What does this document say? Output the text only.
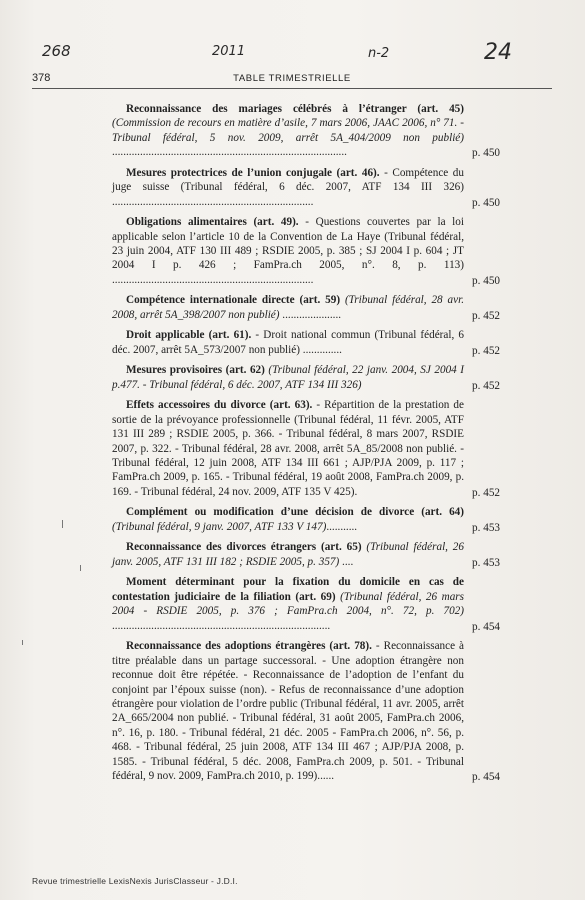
268	2011	n-2	24
378	TABLE TRIMESTRIELLE

Reconnaissance des mariages célébrés à l’étranger (art. 45) (Commission de recours en matière d’asile, 7 mars 2006, JAAC 2006, n° 71. - Tribunal fédéral, 5 nov. 2009, arrêt 5A_404/2009 non publié) ....................................................................................	p. 450

Mesures protectrices de l’union conjugale (art. 46). - Compétence du juge suisse (Tribunal fédéral, 6 déc. 2007, ATF 134 III 326) ........................................................................	p. 450

Obligations alimentaires (art. 49). - Questions couvertes par la loi applicable selon l’article 10 de la Convention de La Haye (Tribunal fédéral, 23 juin 2004, ATF 130 III 489 ; RSDIE 2005, p. 385 ; SJ 2004 I p. 604 ; JT 2004 I p. 426 ; FamPra.ch 2005, n°. 8, p. 113) ........................................................................	p. 450

Compétence internationale directe (art. 59) (Tribunal fédéral, 28 avr. 2008, arrêt 5A_398/2007 non publié) .....................	p. 452

Droit applicable (art. 61). - Droit national commun (Tribunal fédéral, 6 déc. 2007, arrêt 5A_573/2007 non publié) ..............	p. 452

Mesures provisoires (art. 62) (Tribunal fédéral, 22 janv. 2004, SJ 2004 I p.477. - Tribunal fédéral, 6 déc. 2007, ATF 134 III 326)	p. 452

Effets accessoires du divorce (art. 63). - Répartition de la prestation de sortie de la prévoyance professionnelle (Tribunal fédéral, 11 févr. 2005, ATF 131 III 289 ; RSDIE 2005, p. 366. - Tribunal fédéral, 8 mars 2007, RSDIE 2007, p. 322. - Tribunal fédéral, 28 avr. 2008, arrêt 5A_85/2008 non publié. - Tribunal fédéral, 12 juin 2008, ATF 134 III 661 ; AJP/PJA 2009, p. 117 ; FamPra.ch 2009, p. 165. - Tribunal fédéral, 19 août 2008, FamPra.ch 2009, p. 169. - Tribunal fédéral, 24 nov. 2009, ATF 135 V 425).	p. 452

Complément ou modification d’une décision de divorce (art. 64) (Tribunal fédéral, 9 janv. 2007, ATF 133 V 147)...........	p. 453

Reconnaissance des divorces étrangers (art. 65) (Tribunal fédéral, 26 janv. 2005, ATF 131 III 182 ; RSDIE 2005, p. 357) ....	p. 453

Moment déterminant pour la fixation du domicile en cas de contestation judiciaire de la filiation (art. 69) (Tribunal fédéral, 26 mars 2004 - RSDIE 2005, p. 376 ; FamPra.ch 2004, n°. 72, p. 702) ..............................................................................	p. 454

Reconnaissance des adoptions étrangères (art. 78). - Reconnaissance à titre préalable dans un partage successoral. - Une adoption étrangère non reconnue doit être répétée. - Reconnaissance de l’adoption de l’enfant du conjoint par l’époux suisse (non). - Refus de reconnaissance d’une adoption étrangère pour violation de l’ordre public (Tribunal fédéral, 11 avr. 2005, arrêt 2A_665/2004 non publié. - Tribunal fédéral, 31 août 2005, FamPra.ch 2006, n°. 16, p. 180. - Tribunal fédéral, 21 déc. 2005 - FamPra.ch 2006, n°. 56, p. 468. - Tribunal fédéral, 25 juin 2008, ATF 134 III 467 ; AJP/PJA 2008, p. 1585. - Tribunal fédéral, 5 déc. 2008, FamPra.ch 2009, p. 501. - Tribunal fédéral, 9 nov. 2009, FamPra.ch 2010, p. 199)......	p. 454
Revue trimestrielle LexisNexis JurisClasseur - J.D.I.
